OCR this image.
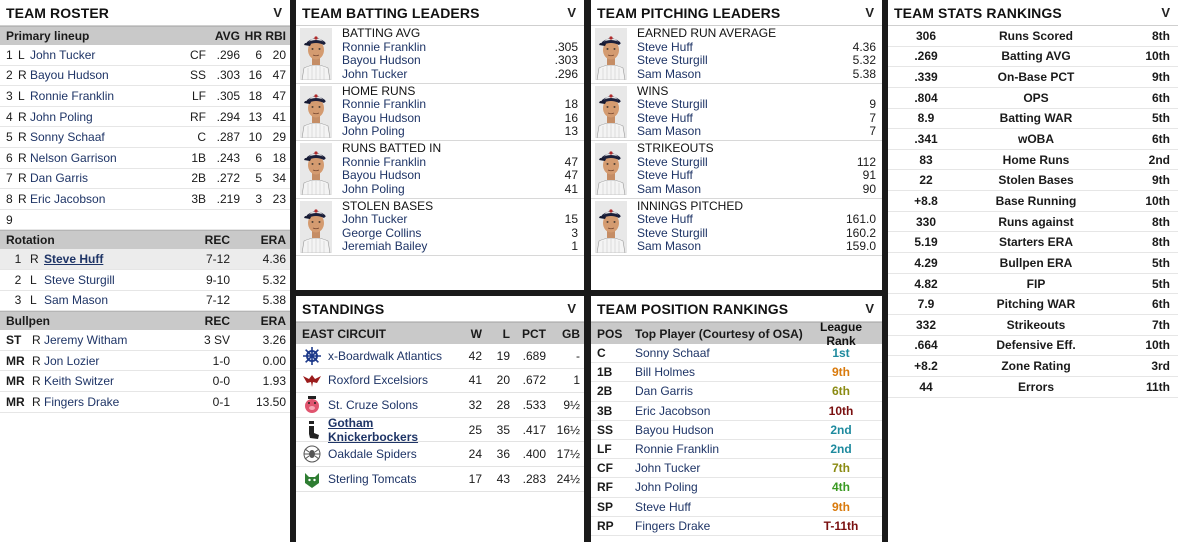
TEAM ROSTER	V
Primary lineup	AVG HR RBI
1 L John Tucker	CF .296	6 20
2 R Bayou Hudson	SS .303 16 47
3 L Ronnie Franklin	LF .305 18 47
4 R John Poling	RF .294 13 41
5 R Sonny Schaaf	C .287 10 29
6 R Nelson Garrison	1B .243	6 18
7 R Dan Garris	2B .272	5 34
8 R Eric Jacobson	3B .219	3 23
9
Rotation	REC	ERA
1 R Steve Huff	7-12	4.36
2 L Steve Sturgill	9-10	5.32
3 L Sam Mason	7-12	5.38
Bullpen	REC	ERA
ST R Jeremy Witham	3 SV	3.26
MR R Jon Lozier	1-0	0.00
MR R Keith Switzer	0-0	1.93
MR R Fingers Drake	0-1	13.50
TEAM BATTING LEADERS	V
BATTING AVG
Ronnie Franklin	.305
Bayou Hudson	.303
John Tucker	.296
HOME RUNS
Ronnie Franklin	18
Bayou Hudson	16
John Poling	13
RUNS BATTED IN
Ronnie Franklin	47
Bayou Hudson	47
John Poling	41
STOLEN BASES
John Tucker	15
George Collins	3
Jeremiah Bailey	1
TEAM PITCHING LEADERS	V
EARNED RUN AVERAGE
Steve Huff	4.36
Steve Sturgill	5.32
Sam Mason	5.38
WINS
Steve Sturgill	9
Steve Huff	7
Sam Mason	7
STRIKEOUTS
Steve Sturgill	112
Steve Huff	91
Sam Mason	90
INNINGS PITCHED
Steve Huff	161.0
Steve Sturgill	160.2
Sam Mason	159.0
STANDINGS	V
EAST CIRCUIT	W	L	PCT	GB
x-Boardwalk Atlantics	42	19	.689	-
Roxford Excelsiors	41	20	.672	1
St. Cruze Solons	32	28	.533	9½
Gotham Knickerbockers	25	35	.417 16½
Oakdale Spiders	24	36	.400 17½
Sterling Tomcats	17	43	.283 24½
TEAM POSITION RANKINGS	V
POS	Top Player (Courtesy of OSA)	League Rank
C	Sonny Schaaf	1st
1B	Bill Holmes	9th
2B	Dan Garris	6th
3B	Eric Jacobson	10th
SS	Bayou Hudson	2nd
LF	Ronnie Franklin	2nd
CF	John Tucker	7th
RF	John Poling	4th
SP	Steve Huff	9th
RP	Fingers Drake	T-11th
TEAM STATS RANKINGS	V
306	Runs Scored	8th
.269	Batting AVG	10th
.339	On-Base PCT	9th
.804	OPS	6th
8.9	Batting WAR	5th
.341	wOBA	6th
83	Home Runs	2nd
22	Stolen Bases	9th
+8.8	Base Running	10th
330	Runs against	8th
5.19	Starters ERA	8th
4.29	Bullpen ERA	5th
4.82	FIP	5th
7.9	Pitching WAR	6th
332	Strikeouts	7th
.664	Defensive Eff.	10th
+8.2	Zone Rating	3rd
44	Errors	11th
